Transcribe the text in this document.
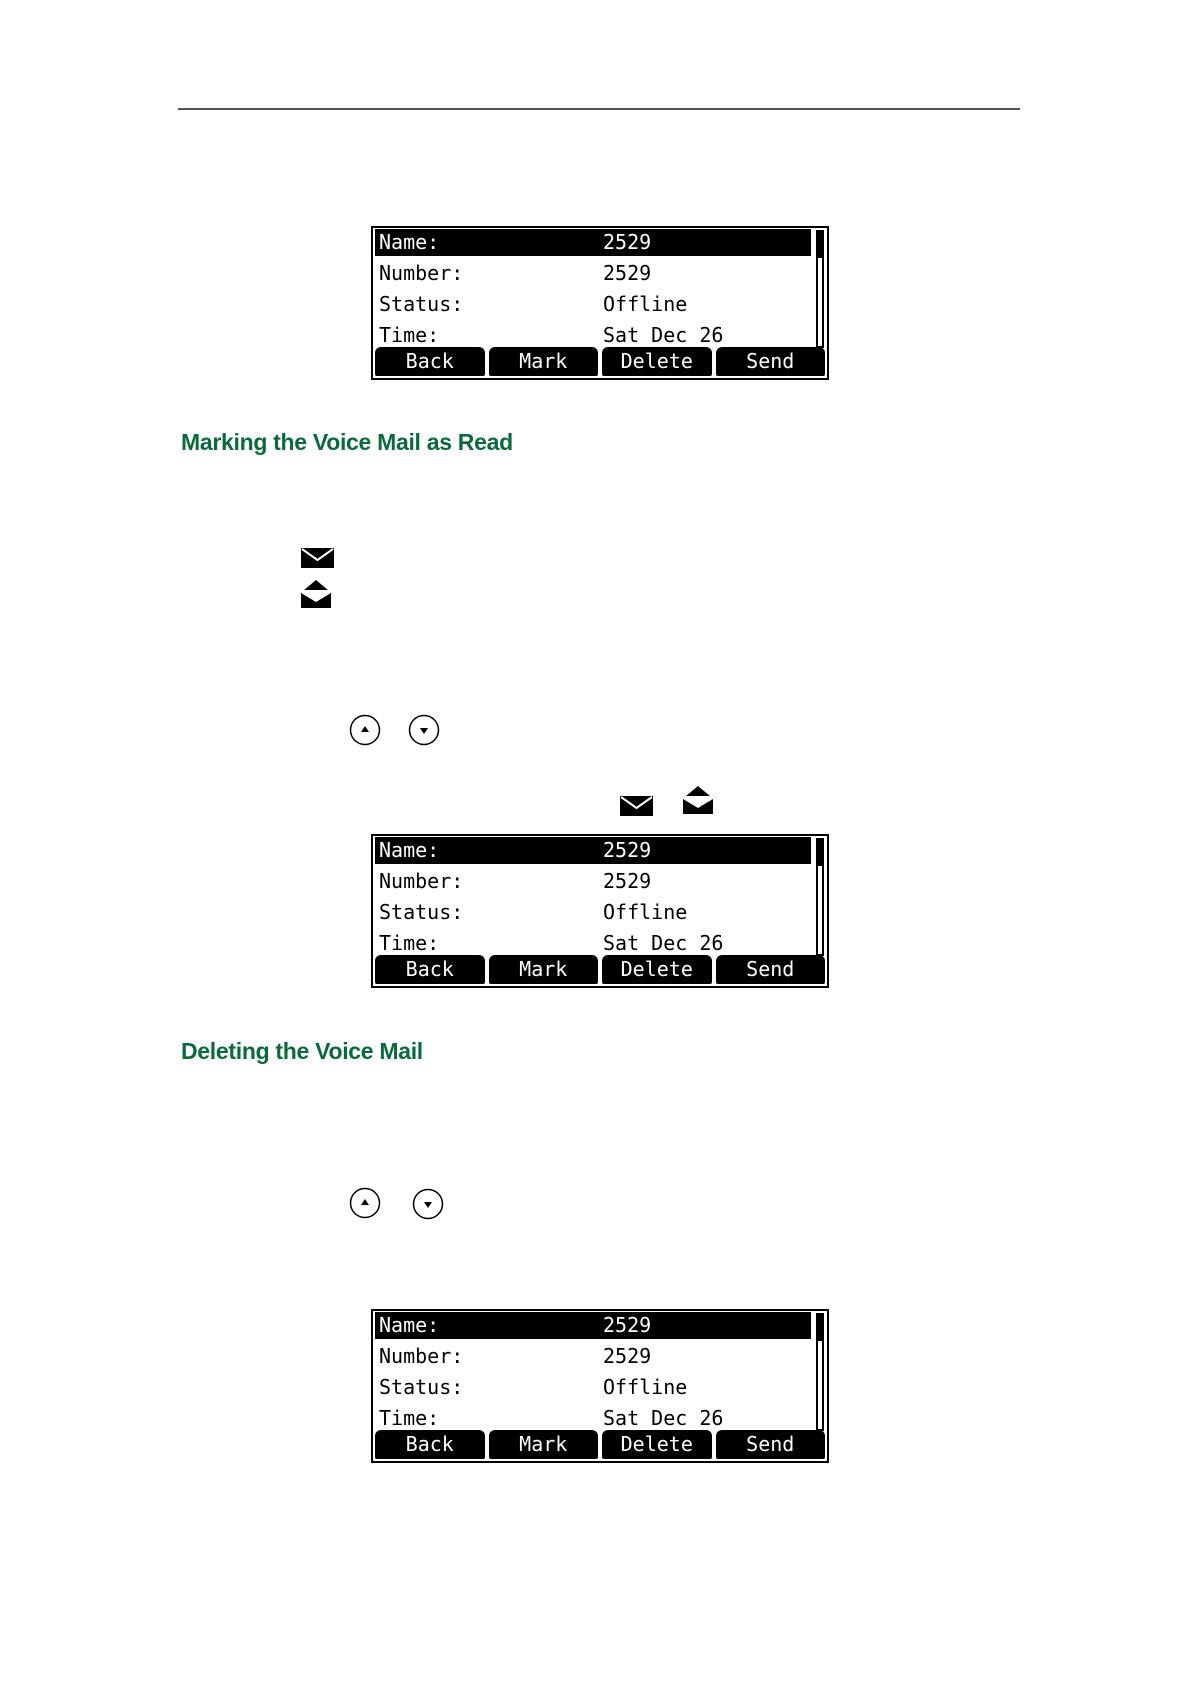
Name:	2529
Number:	2529
Status:	Offline
Time:	Sat Dec 26
Back	Mark	Delete	Send
Marking the Voice Mail as Read
Name:	2529
Number:	2529
Status:	Offline
Time:	Sat Dec 26
Back	Mark	Delete	Send
Deleting the Voice Mail
Name:	2529
Number:	2529
Status:	Offline
Time:	Sat Dec 26
Back	Mark	Delete	Send
